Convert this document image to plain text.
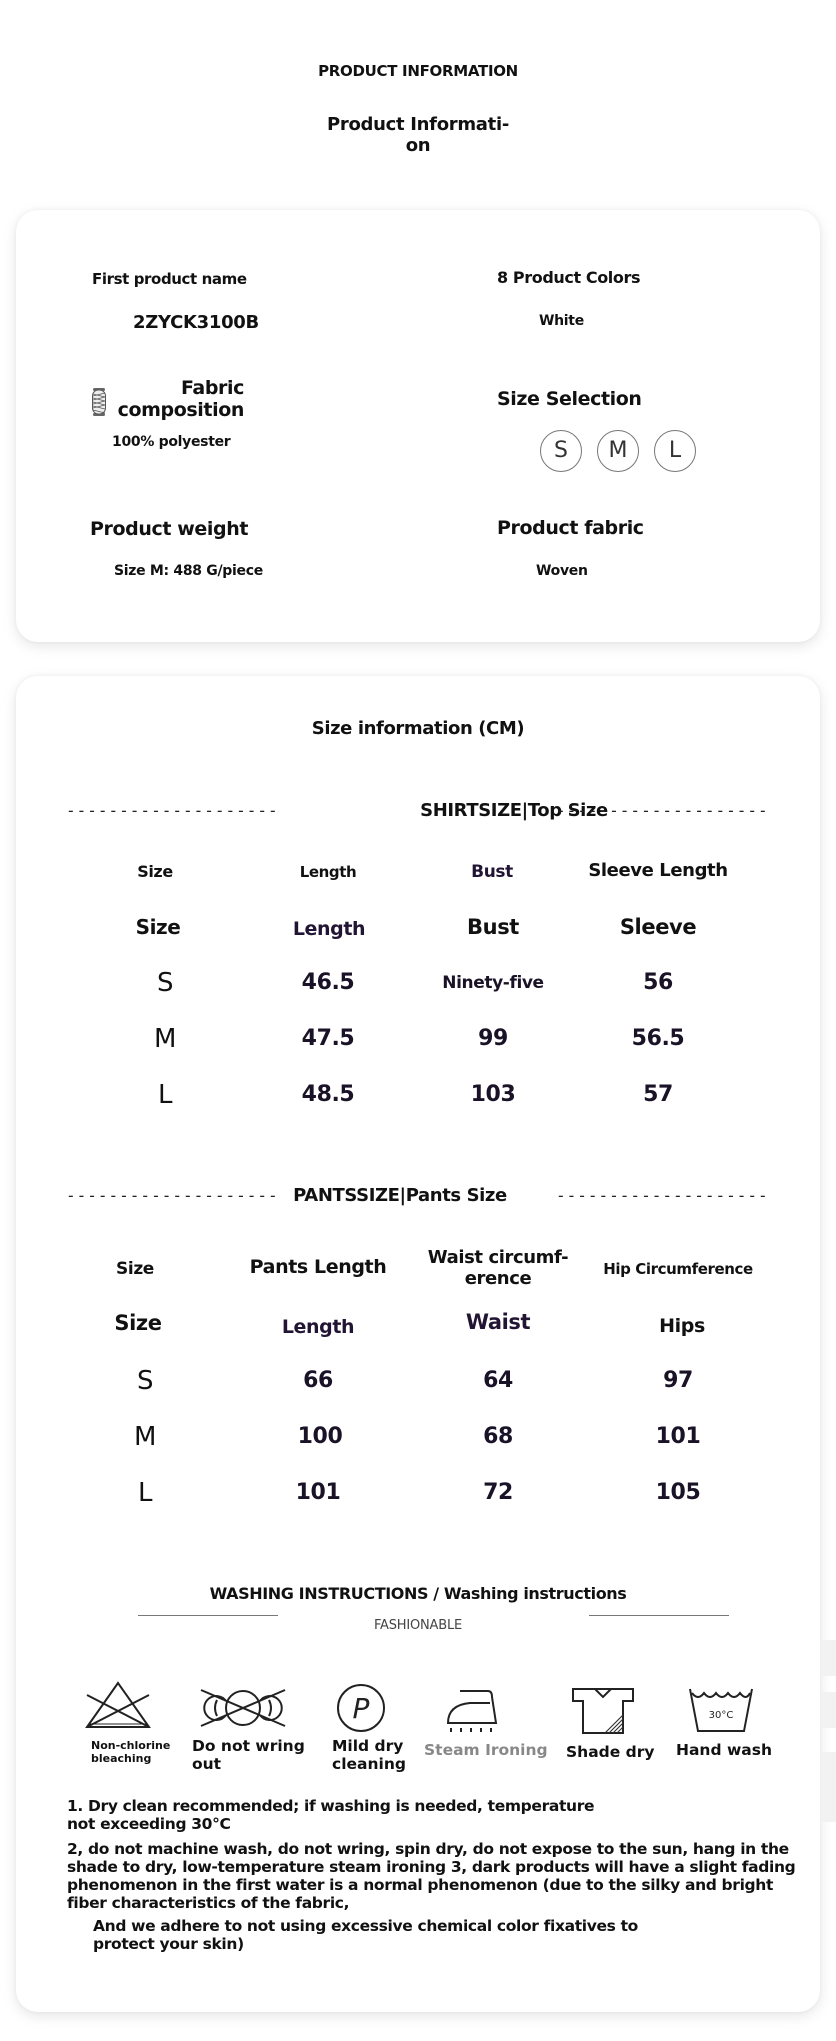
PRODUCT INFORMATION
Product Informati-
on
First product name
2ZYCK3100B
8 Product Colors
White
Fabric
composition
100% polyester
Size Selection
S	M	L
Product weight
Size M: 488 G/piece
Product fabric
Woven
Size information (CM)
--------------------	SHIRTSIZE|Top Size
--------------------
Size	Length	Bust	Sleeve Length
Size	Length	Bust	Sleeve
S	46.5	Ninety-five	56
M	47.5	99	56.5
L	48.5	103	57
-------------------- PANTSSIZE|Pants Size	--------------------
Size	Pants Length	Waist circumf-
erence	Hip Circumference
Size	Length	Waist	Hips
S	66	64	97
M	100	68	101
L	101	72	105
WASHING INSTRUCTIONS / Washing instructions
FASHIONABLE
Non-chlorine
bleaching
Do not wring
out
P
Mild dry
cleaning
Steam Ironing Shade dry
30°C
Hand wash
1. Dry clean recommended; if washing is needed, temperature
not exceeding 30°C
2, do not machine wash, do not wring, spin dry, do not expose to the sun, hang in the
shade to dry, low-temperature steam ironing 3, dark products will have a slight fading
phenomenon in the first water is a normal phenomenon (due to the silky and bright
fiber characteristics of the fabric,
And we adhere to not using excessive chemical color fixatives to
protect your skin)
